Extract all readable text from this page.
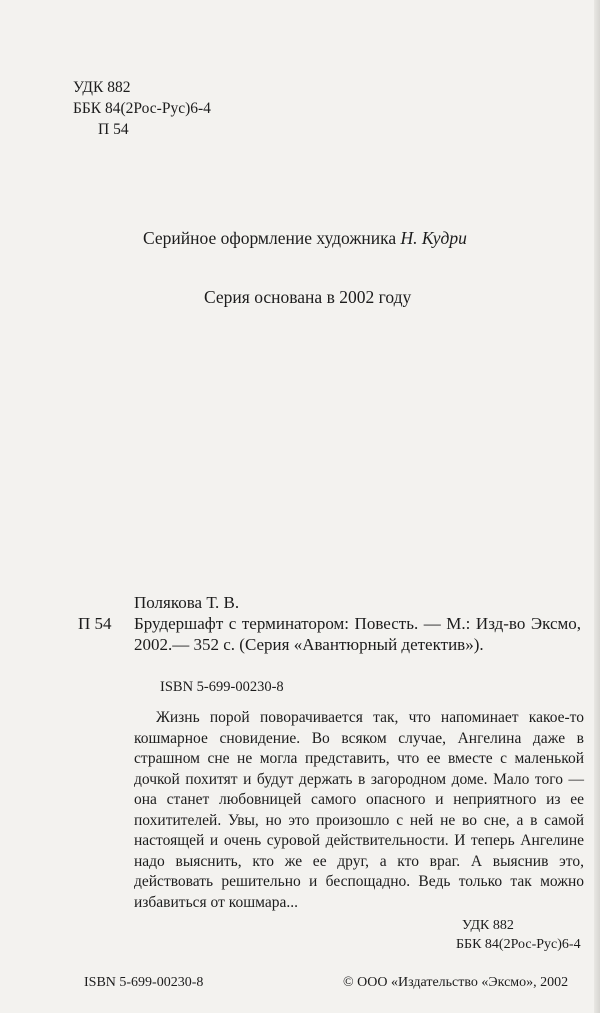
УДК 882
ББК 84(2Рос-Рус)6-4
П 54
Серийное оформление художника Н. Кудри
Серия основана в 2002 году
П 54
Полякова Т. В.
Брудершафт с терминатором: Повесть. — М.: Изд-во Эксмо, 2002.— 352 с. (Серия «Авантюрный детектив»).
ISBN 5-699-00230-8
Жизнь порой поворачивается так, что напоминает какое-то кошмарное сновидение. Во всяком случае, Ангелина даже в страшном сне не могла представить, что ее вместе с маленькой дочкой похитят и будут держать в загородном доме. Мало того — она станет любовницей самого опасного и неприятного из ее похитителей. Увы, но это произошло с ней не во сне, а в самой настоящей и очень суровой действительности. И теперь Ангелине надо выяснить, кто же ее друг, а кто враг. А выяснив это, действовать решительно и беспощадно. Ведь только так можно избавиться от кошмара...
УДК 882
ББК 84(2Рос-Рус)6-4
ISBN 5-699-00230-8	© ООО «Издательство «Эксмо», 2002
